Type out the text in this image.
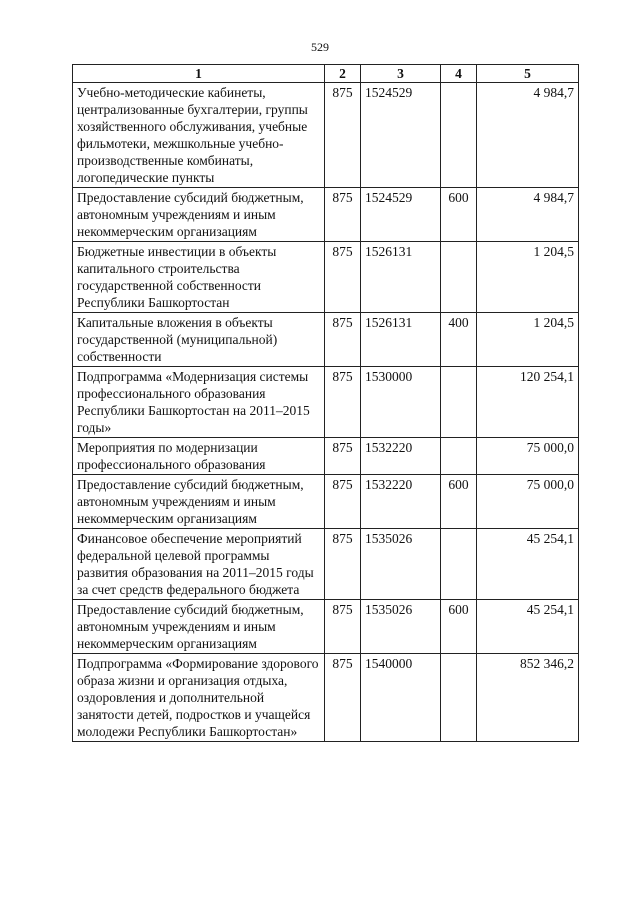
529
1	2	3	4	5
Учебно-методические кабинеты, централизованные бухгалтерии, группы хозяйственного обслуживания, учебные фильмотеки, межшкольные учебно-производственные комбинаты, логопедические пункты	875	1524529		4 984,7
Предоставление субсидий бюджетным, автономным учреждениям и иным некоммерческим организациям	875	1524529	600	4 984,7
Бюджетные инвестиции в объекты капитального строительства государственной собственности Республики Башкортостан	875	1526131		1 204,5
Капитальные вложения в объекты государственной (муниципальной) собственности	875	1526131	400	1 204,5
Подпрограмма «Модернизация системы профессионального образования Республики Башкортостан на 2011–2015 годы»	875	1530000		120 254,1
Мероприятия по модернизации профессионального образования	875	1532220		75 000,0
Предоставление субсидий бюджетным, автономным учреждениям и иным некоммерческим организациям	875	1532220	600	75 000,0
Финансовое обеспечение мероприятий федеральной целевой программы развития образования на 2011–2015 годы за счет средств федерального бюджета	875	1535026		45 254,1
Предоставление субсидий бюджетным, автономным учреждениям и иным некоммерческим организациям	875	1535026	600	45 254,1
Подпрограмма «Формирование здорового образа жизни и организация отдыха, оздоровления и дополнительной занятости детей, подростков и учащейся молодежи Республики Башкортостан»	875	1540000		852 346,2
